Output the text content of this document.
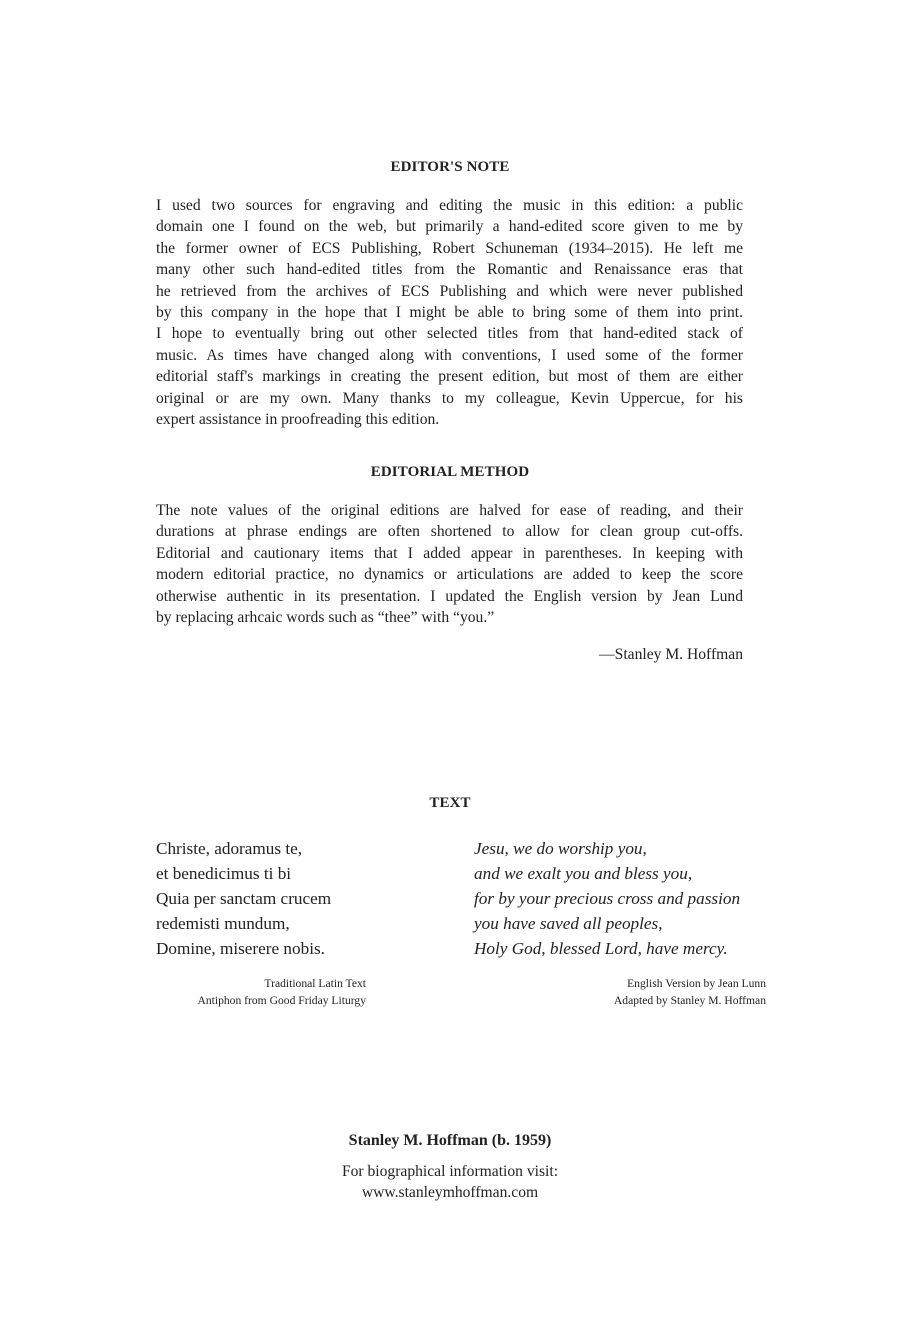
EDITOR'S NOTE
I used two sources for engraving and editing the music in this edition: a public
domain one I found on the web, but primarily a hand-edited score given to me by
the former owner of ECS Publishing, Robert Schuneman (1934–2015). He left me
many other such hand-edited titles from the Romantic and Renaissance eras that
he retrieved from the archives of ECS Publishing and which were never published
by this company in the hope that I might be able to bring some of them into print.
I hope to eventually bring out other selected titles from that hand-edited stack of
music. As times have changed along with conventions, I used some of the former
editorial staff's markings in creating the present edition, but most of them are either
original or are my own. Many thanks to my colleague, Kevin Uppercue, for his
expert assistance in proofreading this edition.
EDITORIAL METHOD
The note values of the original editions are halved for ease of reading, and their
durations at phrase endings are often shortened to allow for clean group cut-offs.
Editorial and cautionary items that I added appear in parentheses. In keeping with
modern editorial practice, no dynamics or articulations are added to keep the score
otherwise authentic in its presentation. I updated the English version by Jean Lund
by replacing arhcaic words such as “thee” with “you.”
—Stanley M. Hoffman
TEXT
Christe, adoramus te,
et benedicimus ti bi
Quia per sanctam crucem
redemisti mundum,
Domine, miserere nobis.
Jesu, we do worship you,
and we exalt you and bless you,
for by your precious cross and passion
you have saved all peoples,
Holy God, blessed Lord, have mercy.
Traditional Latin Text
Antiphon from Good Friday Liturgy
English Version by Jean Lunn
Adapted by Stanley M. Hoffman
Stanley M. Hoffman (b. 1959)
For biographical information visit:
www.stanleymhoffman.com
